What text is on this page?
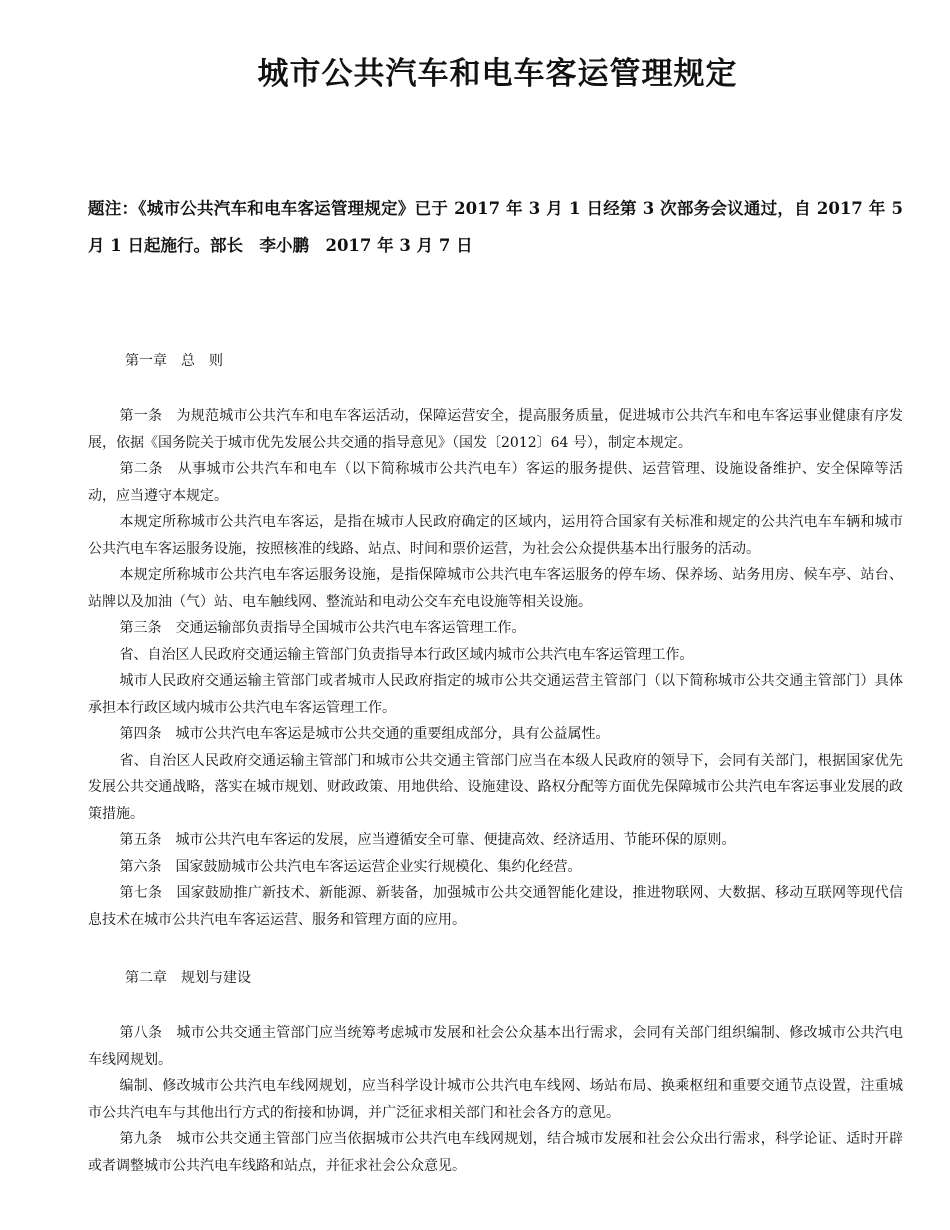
城市公共汽车和电车客运管理规定
题注：《城市公共汽车和电车客运管理规定》已于 2017 年 3 月 1 日经第 3 次部务会议通过，自 2017 年 5 月 1 日起施行。部长　李小鹏　2017 年 3 月 7 日
第一章　总　则

第一条　为规范城市公共汽车和电车客运活动，保障运营安全，提高服务质量，促进城市公共汽车和电车客运事业健康有序发展，依据《国务院关于城市优先发展公共交通的指导意见》（国发〔2012〕64 号），制定本规定。

第二条　从事城市公共汽车和电车（以下简称城市公共汽电车）客运的服务提供、运营管理、设施设备维护、安全保障等活动，应当遵守本规定。

本规定所称城市公共汽电车客运，是指在城市人民政府确定的区域内，运用符合国家有关标准和规定的公共汽电车车辆和城市公共汽电车客运服务设施，按照核准的线路、站点、时间和票价运营，为社会公众提供基本出行服务的活动。

本规定所称城市公共汽电车客运服务设施，是指保障城市公共汽电车客运服务的停车场、保养场、站务用房、候车亭、站台、站牌以及加油（气）站、电车触线网、整流站和电动公交车充电设施等相关设施。

第三条　交通运输部负责指导全国城市公共汽电车客运管理工作。

省、自治区人民政府交通运输主管部门负责指导本行政区域内城市公共汽电车客运管理工作。

城市人民政府交通运输主管部门或者城市人民政府指定的城市公共交通运营主管部门（以下简称城市公共交通主管部门）具体承担本行政区域内城市公共汽电车客运管理工作。

第四条　城市公共汽电车客运是城市公共交通的重要组成部分，具有公益属性。

省、自治区人民政府交通运输主管部门和城市公共交通主管部门应当在本级人民政府的领导下，会同有关部门，根据国家优先发展公共交通战略，落实在城市规划、财政政策、用地供给、设施建设、路权分配等方面优先保障城市公共汽电车客运事业发展的政策措施。

第五条　城市公共汽电车客运的发展，应当遵循安全可靠、便捷高效、经济适用、节能环保的原则。

第六条　国家鼓励城市公共汽电车客运运营企业实行规模化、集约化经营。

第七条　国家鼓励推广新技术、新能源、新装备，加强城市公共交通智能化建设，推进物联网、大数据、移动互联网等现代信息技术在城市公共汽电车客运运营、服务和管理方面的应用。

第二章　规划与建设

第八条　城市公共交通主管部门应当统筹考虑城市发展和社会公众基本出行需求，会同有关部门组织编制、修改城市公共汽电车线网规划。

编制、修改城市公共汽电车线网规划，应当科学设计城市公共汽电车线网、场站布局、换乘枢纽和重要交通节点设置，注重城市公共汽电车与其他出行方式的衔接和协调，并广泛征求相关部门和社会各方的意见。

第九条　城市公共交通主管部门应当依据城市公共汽电车线网规划，结合城市发展和社会公众出行需求，科学论证、适时开辟或者调整城市公共汽电车线路和站点，并征求社会公众意见。
